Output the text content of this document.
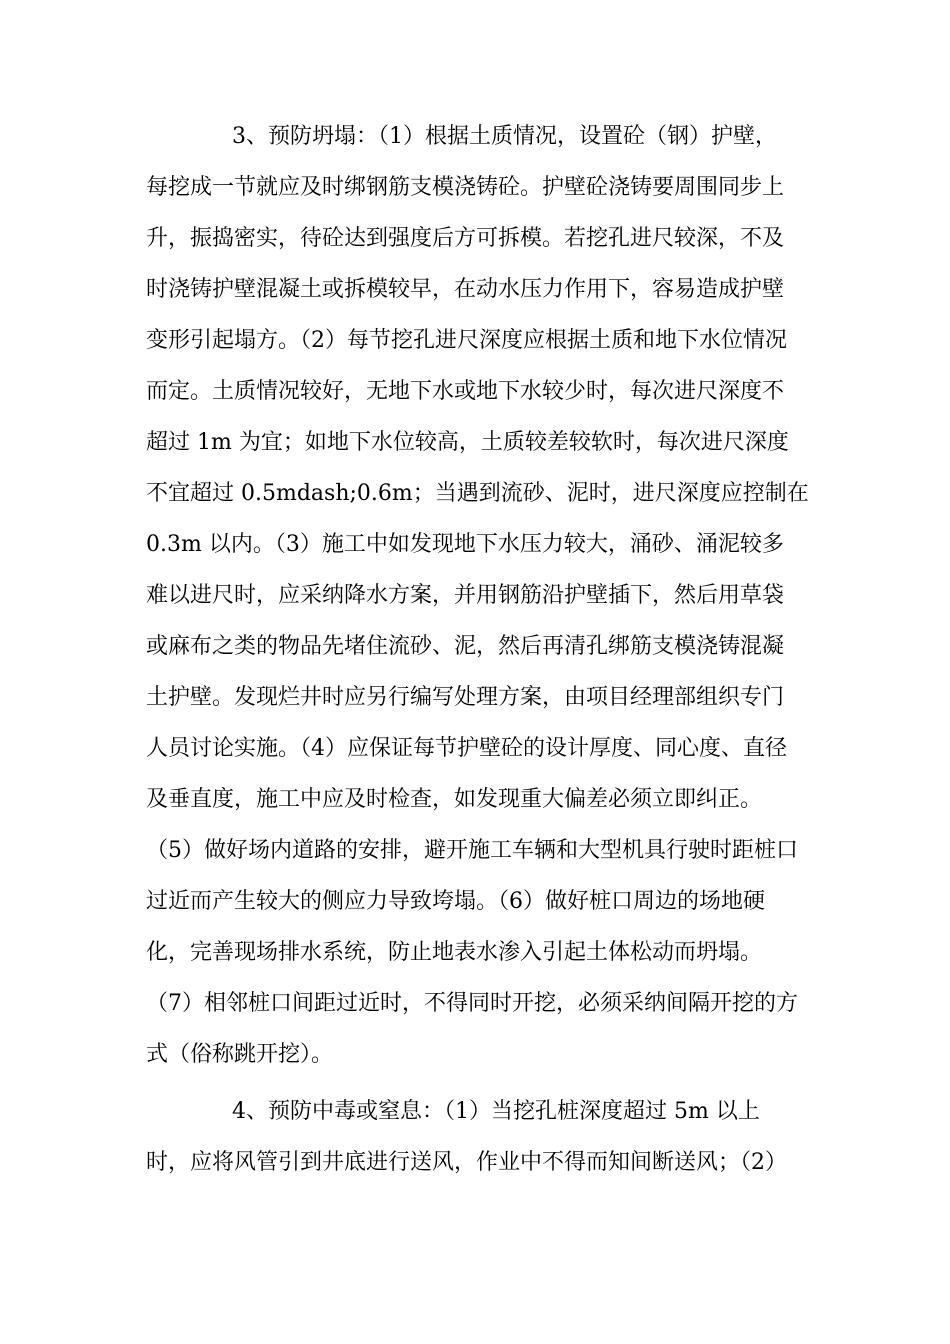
3、预防坍塌：（1）根据土质情况，设置砼（钢）护壁，
每挖成一节就应及时绑钢筋支模浇铸砼。护壁砼浇铸要周围同步上
升，振捣密实，待砼达到强度后方可拆模。若挖孔进尺较深，不及
时浇铸护壁混凝土或拆模较早，在动水压力作用下，容易造成护壁
变形引起塌方。（2）每节挖孔进尺深度应根据土质和地下水位情况
而定。土质情况较好，无地下水或地下水较少时，每次进尺深度不
超过 1m 为宜；如地下水位较高，土质较差较软时，每次进尺深度
不宜超过 0.5mdash;0.6m；当遇到流砂、泥时，进尺深度应控制在
0.3m 以内。（3）施工中如发现地下水压力较大，涌砂、涌泥较多
难以进尺时，应采纳降水方案，并用钢筋沿护壁插下，然后用草袋
或麻布之类的物品先堵住流砂、泥，然后再清孔绑筋支模浇铸混凝
土护壁。发现烂井时应另行编写处理方案，由项目经理部组织专门
人员讨论实施。（4）应保证每节护壁砼的设计厚度、同心度、直径
及垂直度，施工中应及时检查，如发现重大偏差必须立即纠正。
（5）做好场内道路的安排，避开施工车辆和大型机具行驶时距桩口
过近而产生较大的侧应力导致垮塌。（6）做好桩口周边的场地硬
化，完善现场排水系统，防止地表水渗入引起土体松动而坍塌。
（7）相邻桩口间距过近时，不得同时开挖，必须采纳间隔开挖的方
式（俗称跳开挖）。
4、预防中毒或窒息：（1）当挖孔桩深度超过 5m 以上
时，应将风管引到井底进行送风，作业中不得而知间断送风；（2）
